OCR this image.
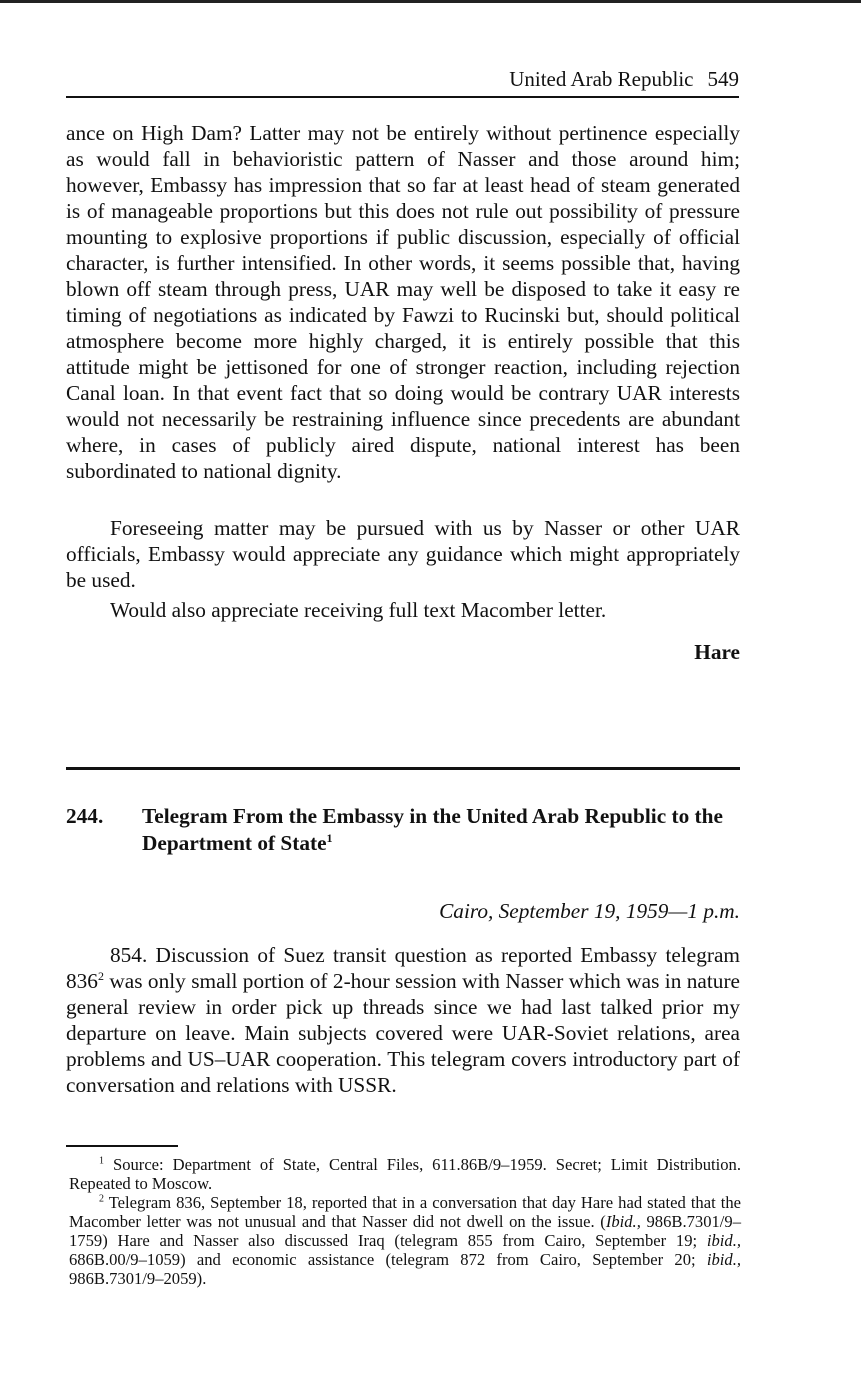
United Arab Republic 549

ance on High Dam? Latter may not be entirely without pertinence especially as would fall in behavioristic pattern of Nasser and those around him; however, Embassy has impression that so far at least head of steam generated is of manageable proportions but this does not rule out possibility of pressure mounting to explosive proportions if public discussion, especially of official character, is further intensified. In other words, it seems possible that, having blown off steam through press, UAR may well be disposed to take it easy re timing of negotiations as indicated by Fawzi to Rucinski but, should political atmosphere become more highly charged, it is entirely possible that this attitude might be jettisoned for one of stronger reaction, including rejection Canal loan. In that event fact that so doing would be contrary UAR interests would not necessarily be restraining influence since precedents are abundant where, in cases of publicly aired dispute, national interest has been subordinated to national dignity.

Foreseeing matter may be pursued with us by Nasser or other UAR officials, Embassy would appreciate any guidance which might appropriately be used.

Would also appreciate receiving full text Macomber letter.

Hare
244. Telegram From the Embassy in the United Arab Republic to the Department of State$^1$
Cairo, September 19, 1959—1 p.m.

854. Discussion of Suez transit question as reported Embassy telegram 836$^2$ was only small portion of 2-hour session with Nasser which was in nature general review in order pick up threads since we had last talked prior my departure on leave. Main subjects covered were UAR-Soviet relations, area problems and US–UAR cooperation. This telegram covers introductory part of conversation and relations with USSR.

$^1$ Source: Department of State, Central Files, 611.86B/9–1959. Secret; Limit Distribution. Repeated to Moscow.

$^2$ Telegram 836, September 18, reported that in a conversation that day Hare had stated that the Macomber letter was not unusual and that Nasser did not dwell on the issue. (Ibid., 986B.7301/9–1759) Hare and Nasser also discussed Iraq (telegram 855 from Cairo, September 19; ibid., 686B.00/9–1059) and economic assistance (telegram 872 from Cairo, September 20; ibid., 986B.7301/9–2059).
